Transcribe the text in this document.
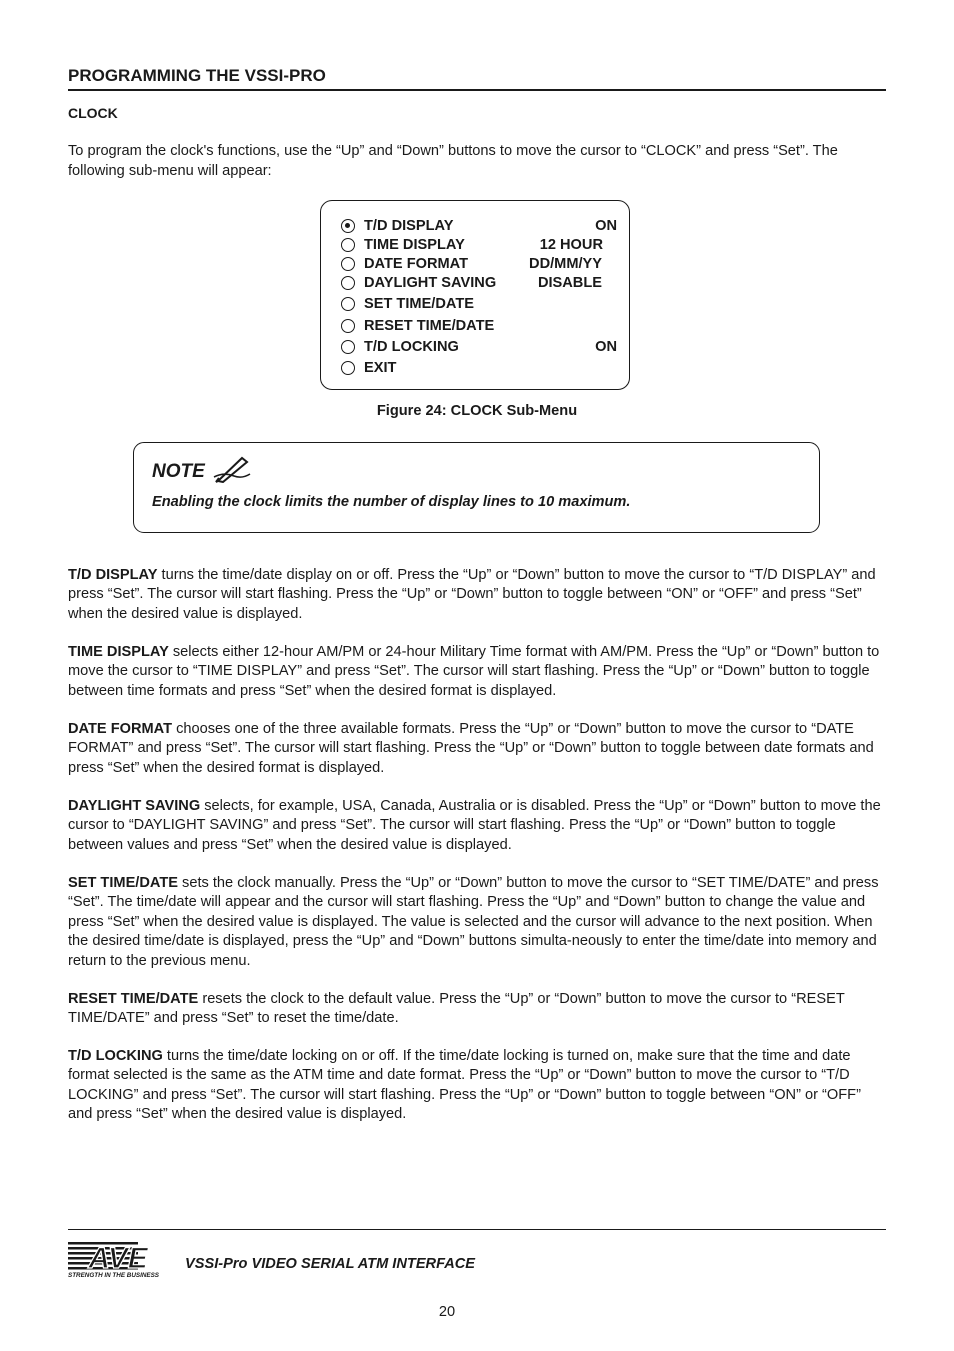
PROGRAMMING THE VSSI-PRO
CLOCK
To program the clock's functions, use the “Up” and “Down” buttons to move the cursor to “CLOCK” and press “Set”. The following sub-menu will appear:
T/D DISPLAY	ON
TIME DISPLAY	12 HOUR
DATE FORMAT	DD/MM/YY
DAYLIGHT SAVING	DISABLE
SET TIME/DATE
RESET TIME/DATE
T/D LOCKING	ON
EXIT
Figure 24: CLOCK Sub-Menu
NOTE
Enabling the clock limits the number of display lines to 10 maximum.
T/D DISPLAY turns the time/date display on or off. Press the “Up” or “Down” button to move the cursor to “T/D DISPLAY” and press “Set”. The cursor will start flashing. Press the “Up” or “Down” button to toggle between “ON” or “OFF” and press “Set” when the desired value is displayed.
TIME DISPLAY selects either 12-hour AM/PM or 24-hour Military Time format with AM/PM. Press the “Up” or “Down” button to move the cursor to “TIME DISPLAY” and press “Set”. The cursor will start flashing. Press the “Up” or “Down” button to toggle between time formats and press “Set” when the desired format is displayed.
DATE FORMAT chooses one of the three available formats. Press the “Up” or “Down” button to move the cursor to “DATE FORMAT” and press “Set”. The cursor will start flashing. Press the “Up” or “Down” button to toggle between date formats and press “Set” when the desired format is displayed.
DAYLIGHT SAVING selects, for example, USA, Canada, Australia or is disabled. Press the “Up” or “Down” button to move the cursor to “DAYLIGHT SAVING” and press “Set”. The cursor will start flashing. Press the “Up” or “Down” button to toggle between values and press “Set” when the desired value is displayed.
SET TIME/DATE sets the clock manually. Press the “Up” or “Down” button to move the cursor to “SET TIME/DATE” and press “Set”. The time/date will appear and the cursor will start flashing. Press the “Up” and “Down” button to change the value and press “Set” when the desired value is displayed. The value is selected and the cursor will advance to the next position. When the desired time/date is displayed, press the “Up” and “Down” buttons simulta-neously to enter the time/date into memory and return to the previous menu.
RESET TIME/DATE resets the clock to the default value. Press the “Up” or “Down” button to move the cursor to “RESET TIME/DATE” and press “Set” to reset the time/date.
T/D LOCKING turns the time/date locking on or off. If the time/date locking is turned on, make sure that the time and date format selected is the same as the ATM time and date format. Press the “Up” or “Down” button to move the cursor to “T/D LOCKING” and press “Set”. The cursor will start flashing. Press the “Up” or “Down” button to toggle between “ON” or “OFF” and press “Set” when the desired value is displayed.
AVE
STRENGTH IN THE BUSINESS
VSSI-Pro VIDEO SERIAL ATM INTERFACE
20
